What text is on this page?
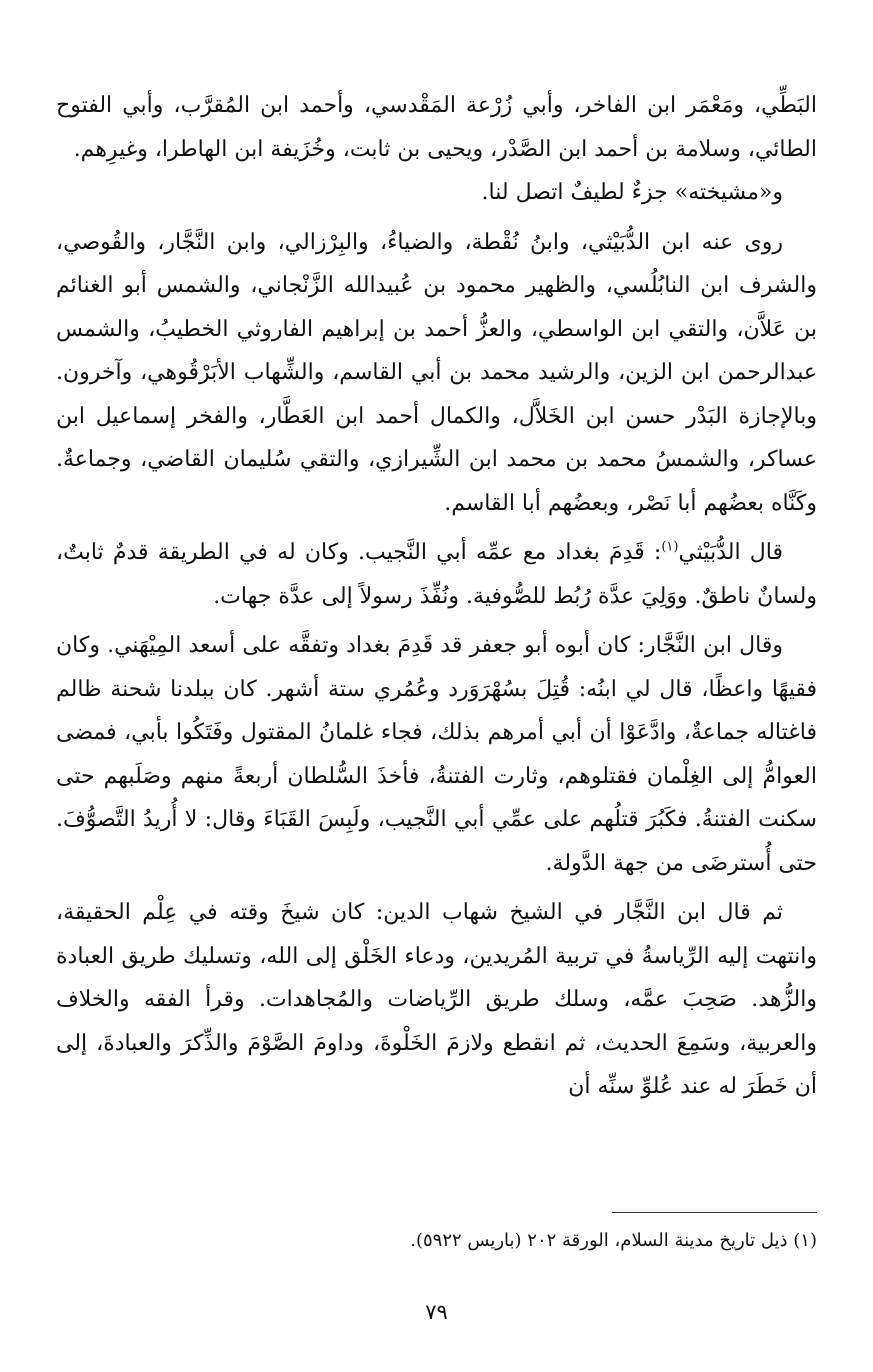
البَطِّي، ومَعْمَر ابن الفاخر، وأبي زُرْعة المَقْدسي، وأحمد ابن المُقرَّب، وأبي الفتوح الطائي، وسلامة بن أحمد ابن الصَّدْر، ويحيى بن ثابت، وخُزَيفة ابن الهاطرا، وغيرِهم.

و«مشيخته» جزءٌ لطيفٌ اتصل لنا.

روى عنه ابن الدُّبَيْثي، وابنُ نُقْطة، والضياءُ، والبِرْزالي، وابن النَّجَّار، والقُوصي، والشرف ابن النابُلُسي، والظهير محمود بن عُبيدالله الزَّنْجاني، والشمس أبو الغنائم بن عَلاَّن، والتقي ابن الواسطي، والعزُّ أحمد بن إبراهيم الفاروثي الخطيبُ، والشمس عبدالرحمن ابن الزين، والرشيد محمد بن أبي القاسم، والشِّهاب الأبَرْقُوهي، وآخرون. وبالإجازة البَدْر حسن ابن الخَلاَّل، والكمال أحمد ابن العَطَّار، والفخر إسماعيل ابن عساكر، والشمسُ محمد بن محمد ابن الشِّيرازي، والتقي سُليمان القاضي، وجماعةٌ. وكَنَّاه بعضُهم أبا نَصْر، وبعضُهم أبا القاسم.

قال الدُّبَيْثي$^{(١)}$: قَدِمَ بغداد مع عمِّه أبي النَّجيب. وكان له في الطريقة قدمٌ ثابتٌ، ولسانٌ ناطقٌ. ووَلِيَ عدَّة رُبُط للصُّوفية. ونُفِّذَ رسولاً إلى عدَّة جهات.

وقال ابن النَّجَّار: كان أبوه أبو جعفر قد قَدِمَ بغداد وتفقَّه على أسعد المِيْهَني. وكان فقيهًا واعظًا، قال لي ابنُه: قُتِلَ بسُهْرَوَرد وعُمُري ستة أشهر. كان ببلدنا شحنة ظالم فاغتاله جماعةٌ، وادَّعَوْا أن أبي أمرهم بذلك، فجاء غلمانُ المقتول وفَتَكُوا بأبي، فمضى العوامُّ إلى الغِلْمان فقتلوهم، وثارت الفتنةُ، فأخذَ السُّلطان أربعةً منهم وصَلَبهم حتى سكنت الفتنةُ. فكَبُرَ قتلُهم على عمِّي أبي النَّجيب، ولَبِسَ القَبَاءَ وقال: لا أُريدُ التَّصوُّفَ. حتى أُسترضَى من جهة الدَّولة.

ثم قال ابن النَّجَّار في الشيخ شهاب الدين: كان شيخَ وقته في عِلْم الحقيقة، وانتهت إليه الرِّياسةُ في تربية المُريدين، ودعاء الخَلْق إلى الله، وتسليك طريق العبادة والزُّهد. صَحِبَ عمَّه، وسلك طريق الرِّياضات والمُجاهدات. وقرأ الفقه والخلاف والعربية، وسَمِعَ الحديث، ثم انقطع ولازمَ الخَلْوةَ، وداومَ الصَّوْمَ والذِّكرَ والعبادةَ، إلى أن خَطَرَ له عند عُلوِّ سنِّه أن

(١) ذيل تاريخ مدينة السلام، الورقة ٢٠٢ (باريس ٥٩٢٢).
٧٩
